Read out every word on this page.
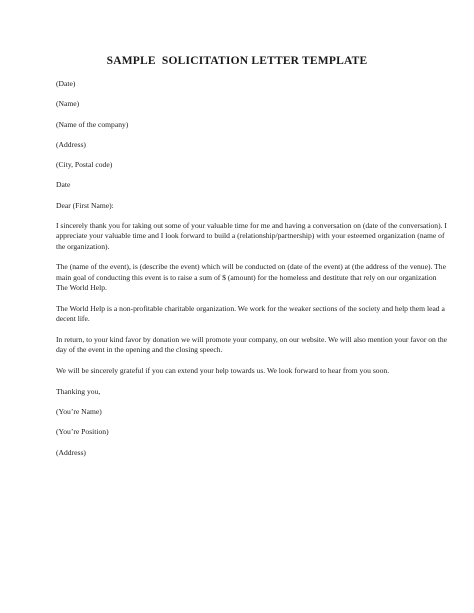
SAMPLE  SOLICITATION LETTER TEMPLATE

(Date)

(Name)

(Name of the company)

(Address)

(City, Postal code)

Date

Dear (First Name):

I sincerely thank you for taking out some of your valuable time for me and having a conversation on (date of the conversation). I appreciate your valuable time and I look forward to build a (relationship/partnership) with your esteemed organization (name of the organization).

The (name of the event), is (describe the event) which will be conducted on (date of the event) at (the address of the venue). The main goal of conducting this event is to raise a sum of $ (amount) for the homeless and destitute that rely on our organization The World Help.

The World Help is a non-profitable charitable organization. We work for the weaker sections of the society and help them lead a decent life.

In return, to your kind favor by donation we will promote your company, on our website. We will also mention your favor on the day of the event in the opening and the closing speech.

We will be sincerely grateful if you can extend your help towards us. We look forward to hear from you soon.

Thanking you,

(You’re Name)

(You’re Position)

(Address)
